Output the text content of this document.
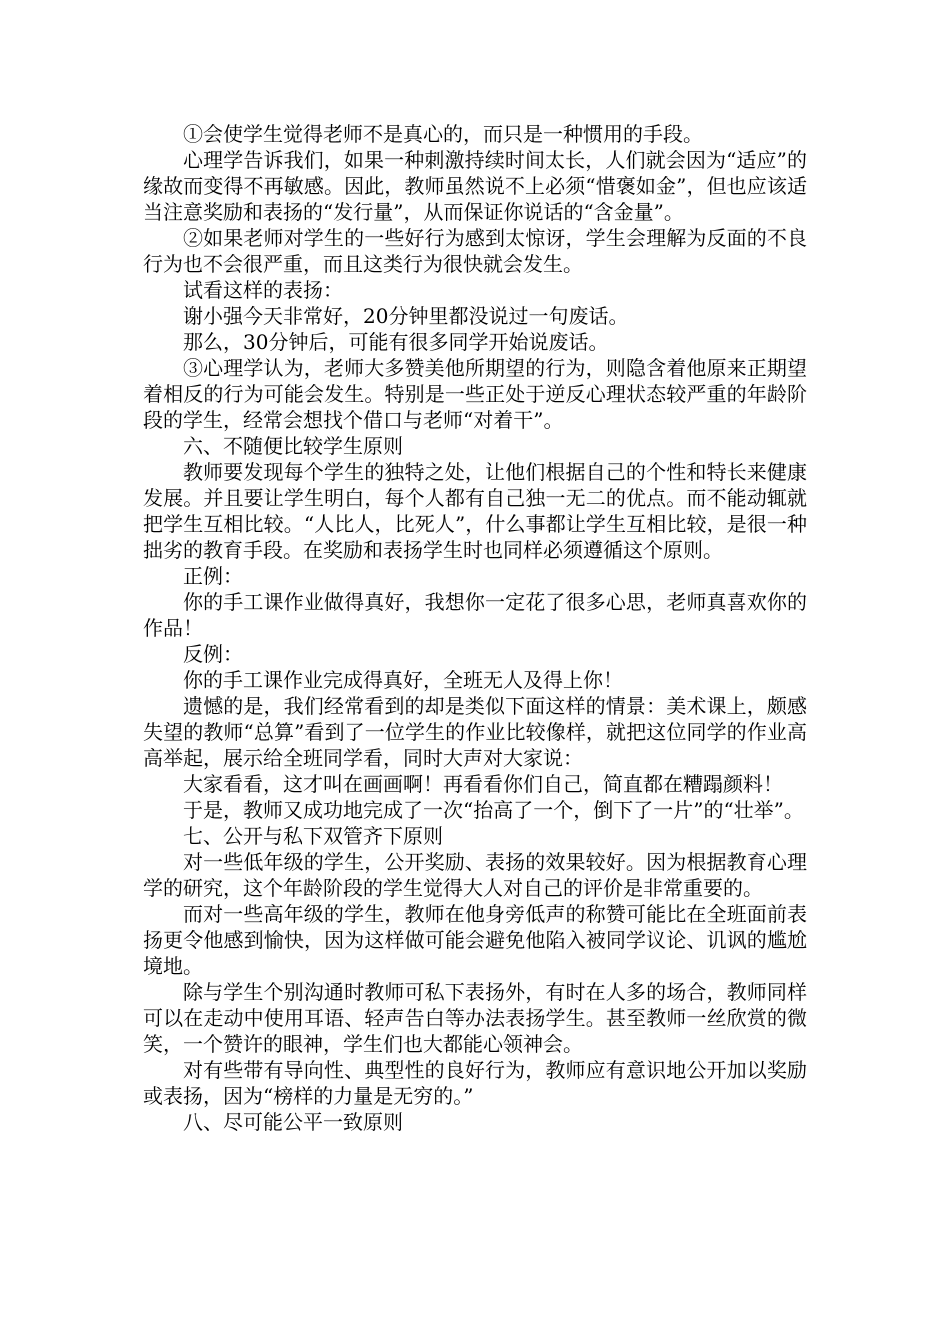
①会使学生觉得老师不是真心的，而只是一种惯用的手段。

心理学告诉我们，如果一种刺激持续时间太长，人们就会因为“适应”的缘故而变得不再敏感。因此，教师虽然说不上必须“惜褒如金”，但也应该适当注意奖励和表扬的“发行量”，从而保证你说话的“含金量”。

②如果老师对学生的一些好行为感到太惊讶，学生会理解为反面的不良行为也不会很严重，而且这类行为很快就会发生。

试看这样的表扬：

谢小强今天非常好，20分钟里都没说过一句废话。

那么，30分钟后，可能有很多同学开始说废话。

③心理学认为，老师大多赞美他所期望的行为，则隐含着他原来正期望着相反的行为可能会发生。特别是一些正处于逆反心理状态较严重的年龄阶段的学生，经常会想找个借口与老师“对着干”。

六、不随便比较学生原则

教师要发现每个学生的独特之处，让他们根据自己的个性和特长来健康发展。并且要让学生明白，每个人都有自己独一无二的优点。而不能动辄就把学生互相比较。“人比人，比死人”，什么事都让学生互相比较，是很一种拙劣的教育手段。在奖励和表扬学生时也同样必须遵循这个原则。

正例：

你的手工课作业做得真好，我想你一定花了很多心思，老师真喜欢你的作品！

反例：

你的手工课作业完成得真好，全班无人及得上你！

遗憾的是，我们经常看到的却是类似下面这样的情景：美术课上，颇感失望的教师“总算”看到了一位学生的作业比较像样，就把这位同学的作业高高举起，展示给全班同学看，同时大声对大家说：

大家看看，这才叫在画画啊！再看看你们自己，简直都在糟蹋颜料！

于是，教师又成功地完成了一次“抬高了一个，倒下了一片”的“壮举”。

七、公开与私下双管齐下原则

对一些低年级的学生，公开奖励、表扬的效果较好。因为根据教育心理学的研究，这个年龄阶段的学生觉得大人对自己的评价是非常重要的。

而对一些高年级的学生，教师在他身旁低声的称赞可能比在全班面前表扬更令他感到愉快，因为这样做可能会避免他陷入被同学议论、讥讽的尴尬境地。

除与学生个别沟通时教师可私下表扬外，有时在人多的场合，教师同样可以在走动中使用耳语、轻声告白等办法表扬学生。甚至教师一丝欣赏的微笑，一个赞许的眼神，学生们也大都能心领神会。

对有些带有导向性、典型性的良好行为，教师应有意识地公开加以奖励或表扬，因为“榜样的力量是无穷的。”

八、尽可能公平一致原则
